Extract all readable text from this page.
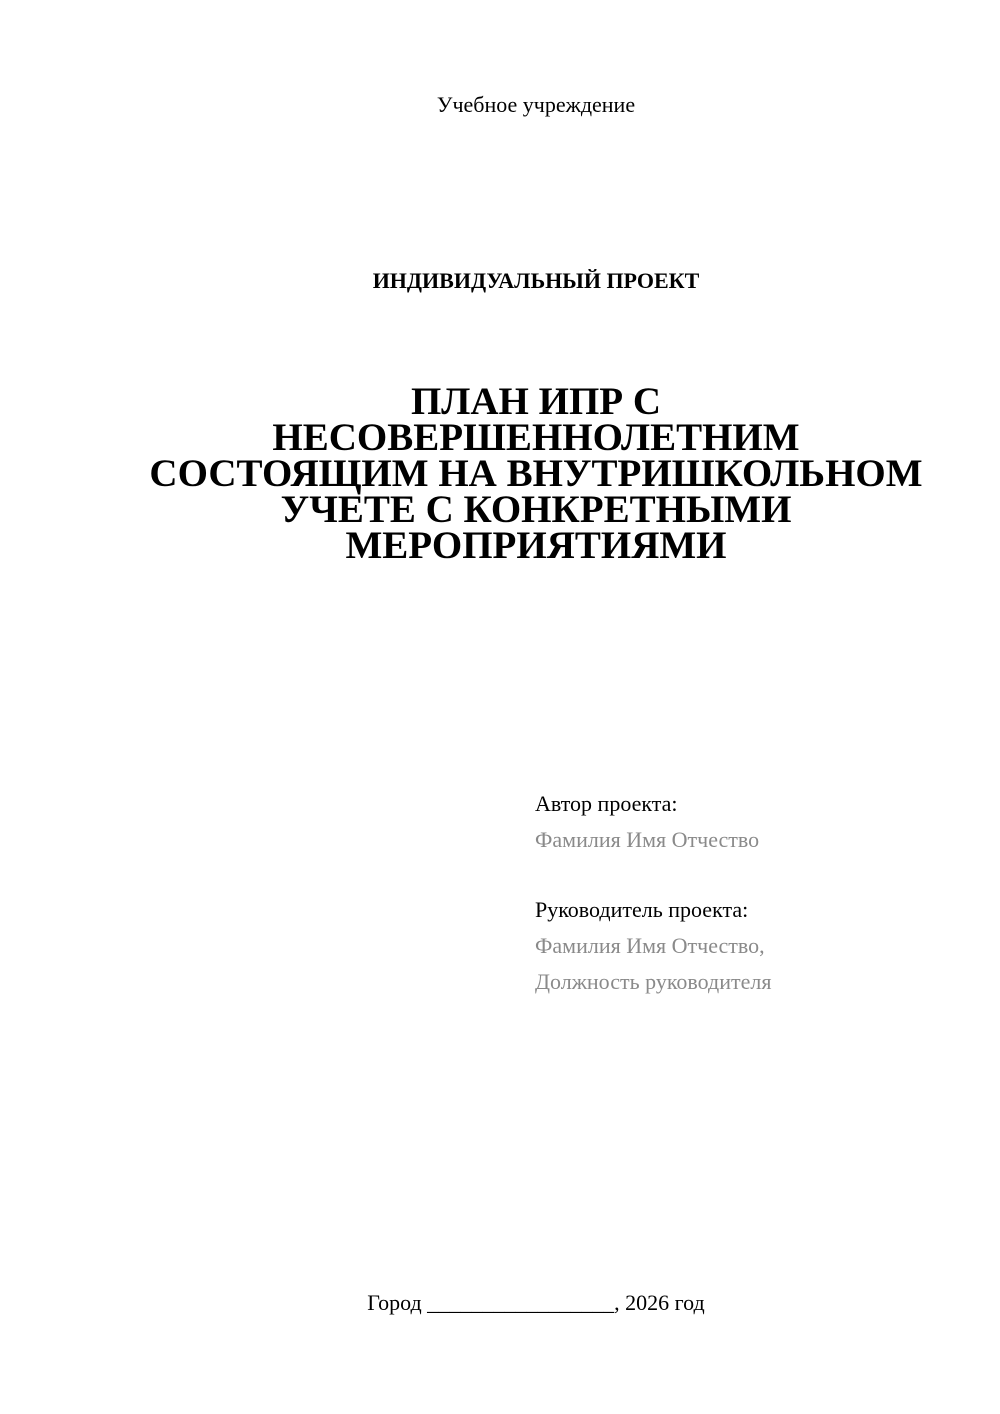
Учебное учреждение
ИНДИВИДУАЛЬНЫЙ ПРОЕКТ
ПЛАН ИПР С
НЕСОВЕРШЕННОЛЕТНИМ
СОСТОЯЩИМ НА ВНУТРИШКОЛЬНОМ
УЧЕТЕ С КОНКРЕТНЫМИ
МЕРОПРИЯТИЯМИ
Автор проекта:
Фамилия Имя Отчество
Руководитель проекта:
Фамилия Имя Отчество,
Должность руководителя
Город _________________, 2026 год
